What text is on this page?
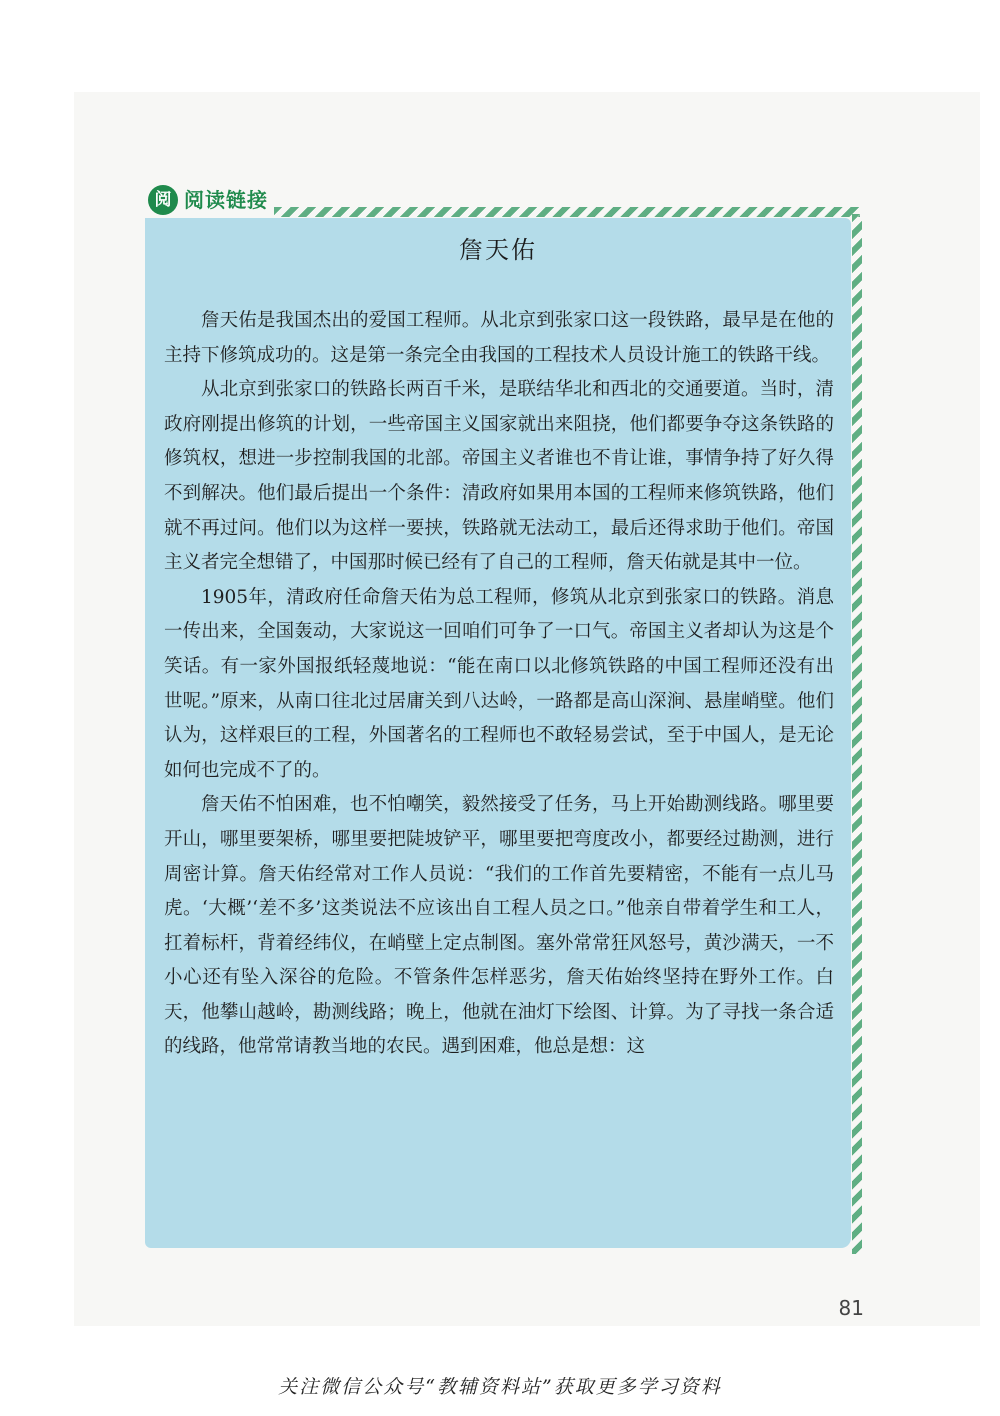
阅 阅读链接
詹天佑

詹天佑是我国杰出的爱国工程师。从北京到张家口这一段铁路，最早是在他的主持下修筑成功的。这是第一条完全由我国的工程技术人员设计施工的铁路干线。

从北京到张家口的铁路长两百千米，是联结华北和西北的交通要道。当时，清政府刚提出修筑的计划，一些帝国主义国家就出来阻挠，他们都要争夺这条铁路的修筑权，想进一步控制我国的北部。帝国主义者谁也不肯让谁，事情争持了好久得不到解决。他们最后提出一个条件：清政府如果用本国的工程师来修筑铁路，他们就不再过问。他们以为这样一要挟，铁路就无法动工，最后还得求助于他们。帝国主义者完全想错了，中国那时候已经有了自己的工程师，詹天佑就是其中一位。

1905年，清政府任命詹天佑为总工程师，修筑从北京到张家口的铁路。消息一传出来，全国轰动，大家说这一回咱们可争了一口气。帝国主义者却认为这是个笑话。有一家外国报纸轻蔑地说：“能在南口以北修筑铁路的中国工程师还没有出世呢。”原来，从南口往北过居庸关到八达岭，一路都是高山深涧、悬崖峭壁。他们认为，这样艰巨的工程，外国著名的工程师也不敢轻易尝试，至于中国人，是无论如何也完成不了的。

詹天佑不怕困难，也不怕嘲笑，毅然接受了任务，马上开始勘测线路。哪里要开山，哪里要架桥，哪里要把陡坡铲平，哪里要把弯度改小，都要经过勘测，进行周密计算。詹天佑经常对工作人员说：“我们的工作首先要精密，不能有一点儿马虎。‘大概’‘差不多’这类说法不应该出自工程人员之口。”他亲自带着学生和工人，扛着标杆，背着经纬仪，在峭壁上定点制图。塞外常常狂风怒号，黄沙满天，一不小心还有坠入深谷的危险。不管条件怎样恶劣，詹天佑始终坚持在野外工作。白天，他攀山越岭，勘测线路；晚上，他就在油灯下绘图、计算。为了寻找一条合适的线路，他常常请教当地的农民。遇到困难，他总是想：这

81
关注微信公众号“教辅资料站”获取更多学习资料
